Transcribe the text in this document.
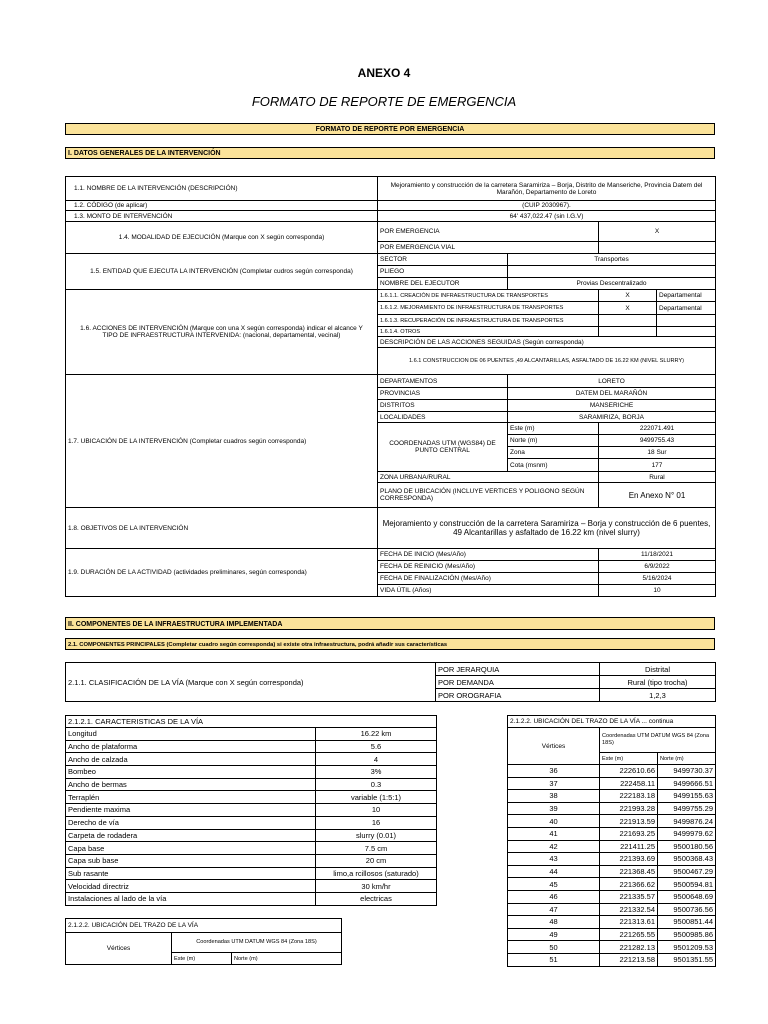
ANEXO 4
FORMATO DE REPORTE DE EMERGENCIA
FORMATO DE REPORTE POR EMERGENCIA
I. DATOS GENERALES DE LA INTERVENCIÓN
1.1. NOMBRE DE LA INTERVENCIÓN (DESCRIPCIÓN)	Mejoramiento y construcción de la carretera Saramiriza – Borja, Distrito de Manseriche, Provincia Datem del Marañón, Departamento de Loreto			
1.2. CÓDIGO (de aplicar)	(CUIP 2030967).			
1.3. MONTO DE INTERVENCIÓN	64' 437,022.47 (sin I.G.V)			
1.4. MODALIDAD DE EJECUCIÓN (Marque con X según corresponda)	POR EMERGENCIA		X	
	POR EMERGENCIA VIAL			
1.5. ENTIDAD QUE EJECUTA LA INTERVENCIÓN (Completar cudros según corresponda)	SECTOR	Transportes		
	PLIEGO			
	NOMBRE DEL EJECUTOR	Provias Descentralizado		
1.6. ACCIONES DE INTERVENCIÓN (Marque con una X según corresponda) indicar el alcance Y TIPO DE INFRAESTRUCTURA INTERVENIDA: (nacional, departamental, vecinal)	1.6.1.1. CREACIÓN DE INFRAESTRUCTURA DE TRANSPORTES		X	Departamental
	1.6.1.2. MEJORAMIENTO DE INFRAESTRUCTURA DE TRANSPORTES		X	Departamental
	1.6.1.3. RECUPERACIÓN DE INFRAESTRUCTURA DE TRANSPORTES			
	1.6.1.4. OTROS			
	DESCRIPCIÓN DE LAS ACCIONES SEGUIDAS (Según corresponda)			
	1.6.1 CONSTRUCCION DE 06 PUENTES ,49 ALCANTARILLAS, ASFALTADO DE 16.22 KM (NIVEL SLURRY)			
1.7. UBICACIÓN DE LA INTERVENCIÓN (Completar cuadros según corresponda)	DEPARTAMENTOS	LORETO		
	PROVINCIAS	DATEM DEL MARAÑÓN		
	DISTRITOS	MANSERICHE		
	LOCALIDADES	SARAMIRIZA, BORJA		
	COORDENADAS UTM (WGS84) DE PUNTO CENTRAL	Este (m)	222071.491	
		Norte (m)	9499755.43	
		Zona	18 Sur	
		Cota (msnm)	177	
	ZONA URBANA/RURAL		Rural	
	PLANO DE UBICACIÓN (INCLUYE VERTICES Y POLIGONO SEGÚN CORRESPONDA)		En Anexo N° 01	
1.8. OBJETIVOS DE LA INTERVENCIÓN	Mejoramiento y construcción de la carretera Saramiriza – Borja y construcción de 6 puentes, 49 Alcantarillas y asfaltado de 16.22 km (nivel slurry)			
1.9. DURACIÓN DE LA ACTIVIDAD (actividades preliminares, según corresponda)	FECHA DE INICIO (Mes/Año)		11/18/2021	
	FECHA DE REINICIO (Mes/Año)		6/9/2022	
	FECHA DE FINALIZACIÓN (Mes/Año)		5/16/2024	
	VIDA ÚTIL (Años)		10	
II. COMPONENTES DE LA INFRAESTRUCTURA IMPLEMENTADA
2.1. COMPONENTES PRINCIPALES (Completar cuadro según corresponda) si existe otra infraestructura, podrá añadir sus características
2.1.1. CLASIFICACIÓN DE LA VÍA (Marque con X según corresponda)	POR JERARQUIA	Distrital
	POR DEMANDA	Rural (tipo trocha)
	POR OROGRAFIA	1,2,3
2.1.2.1. CARACTERISTICAS DE LA VÍA	
Longitud	16.22 km
Ancho de plataforma	5.6
Ancho de calzada	4
Bombeo	3%
Ancho de bermas	0.3
Terraplén	variable (1:5:1)
Pendiente maxima	10
Derecho de vía	16
Carpeta de rodadera	slurry (0.01)
Capa base	7.5 cm
Capa sub base	20 cm
Sub rasante	limo,a rcillosos (saturado)
Velocidad directriz	30 km/hr
Instalaciones al lado de la vía	electricas
2.1.2.2. UBICACIÓN DEL TRAZO DE LA VÍA		
Vértices	Coordenadas UTM DATUM WGS 84 (Zona 18S)	
	Este (m)	Norte (m)
2.1.2.2. UBICACIÓN DEL TRAZO DE LA VÍA ... continua		
Vértices	Coordenadas UTM DATUM WGS 84 (Zona 18S)	
	Este (m)	Norte (m)
36	222610.66	9499730.37
37	222458.11	9499666.51
38	222183.18	9499155.63
39	221993.28	9499755.29
40	221913.59	9499876.24
41	221693.25	9499979.62
42	221411.25	9500180.56
43	221393.69	9500368.43
44	221368.45	9500467.29
45	221366.62	9500594.81
46	221335.57	9500648.69
47	221332.54	9500736.56
48	221313.61	9500851.44
49	221265.55	9500985.86
50	221282.13	9501209.53
51	221213.58	9501351.55
